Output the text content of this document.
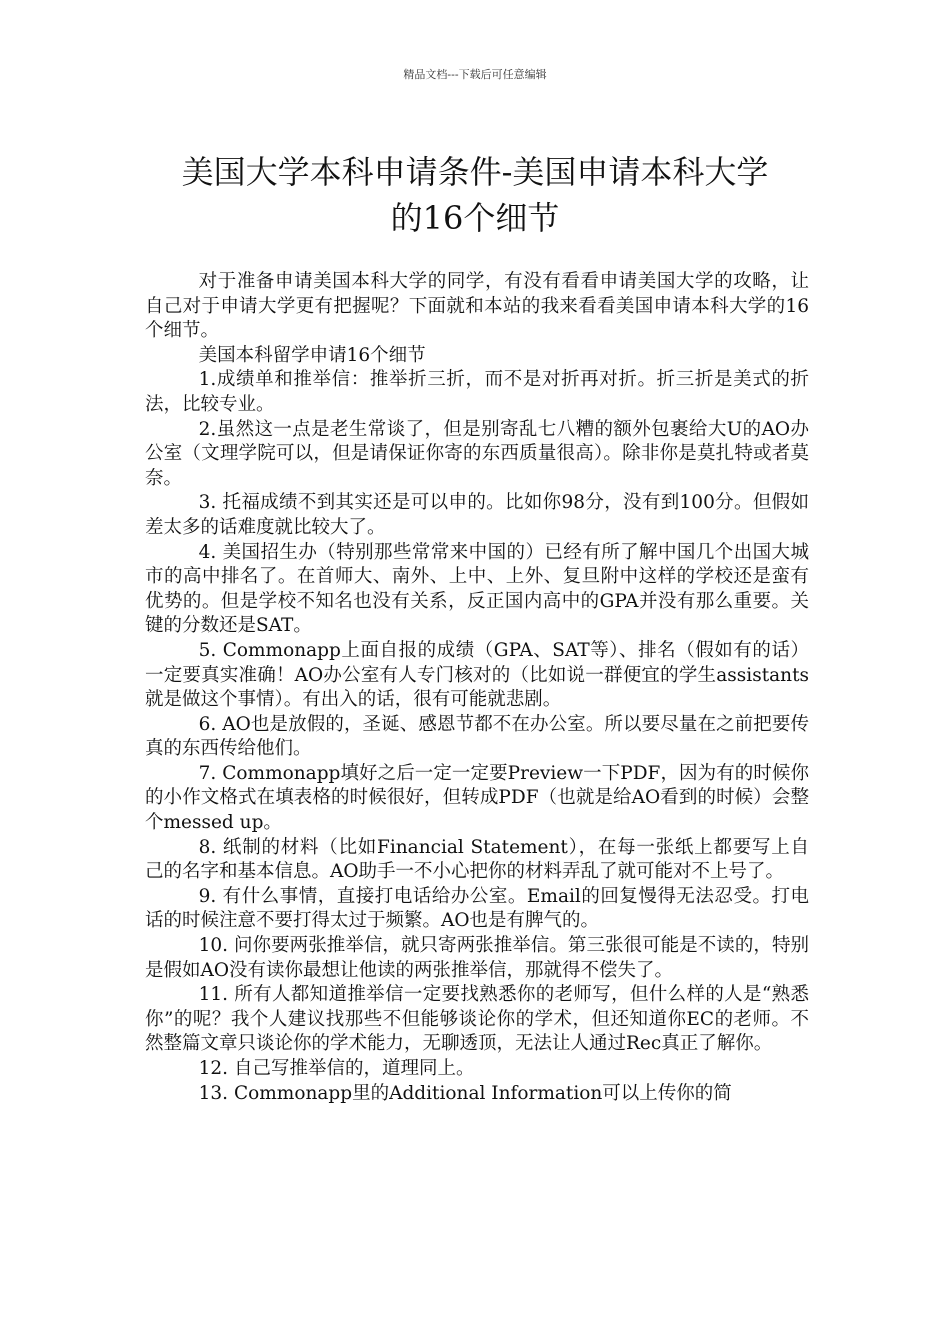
精品文档---下载后可任意编辑
美国大学本科申请条件-美国申请本科大学
的16个细节

对于准备申请美国本科大学的同学，有没有看看申请美国大学的攻略，让自己对于申请大学更有把握呢？下面就和本站的我来看看美国申请本科大学的16个细节。

美国本科留学申请16个细节

1.成绩单和推举信：推举折三折，而不是对折再对折。折三折是美式的折法，比较专业。

2.虽然这一点是老生常谈了，但是别寄乱七八糟的额外包裹给大U的AO办公室（文理学院可以，但是请保证你寄的东西质量很高）。除非你是莫扎特或者莫奈。

3. 托福成绩不到其实还是可以申的。比如你98分，没有到100分。但假如差太多的话难度就比较大了。

4. 美国招生办（特别那些常常来中国的）已经有所了解中国几个出国大城市的高中排名了。在首师大、南外、上中、上外、复旦附中这样的学校还是蛮有优势的。但是学校不知名也没有关系，反正国内高中的GPA并没有那么重要。关键的分数还是SAT。

5. Commonapp上面自报的成绩（GPA、SAT等）、排名（假如有的话）一定要真实准确！AO办公室有人专门核对的（比如说一群便宜的学生assistants就是做这个事情）。有出入的话，很有可能就悲剧。

6. AO也是放假的，圣诞、感恩节都不在办公室。所以要尽量在之前把要传真的东西传给他们。

7. Commonapp填好之后一定一定要Preview一下PDF，因为有的时候你的小作文格式在填表格的时候很好，但转成PDF（也就是给AO看到的时候）会整个messed up。

8. 纸制的材料（比如Financial Statement），在每一张纸上都要写上自己的名字和基本信息。AO助手一不小心把你的材料弄乱了就可能对不上号了。

9. 有什么事情，直接打电话给办公室。Email的回复慢得无法忍受。打电话的时候注意不要打得太过于频繁。AO也是有脾气的。

10. 问你要两张推举信，就只寄两张推举信。第三张很可能是不读的，特别是假如AO没有读你最想让他读的两张推举信，那就得不偿失了。

11. 所有人都知道推举信一定要找熟悉你的老师写，但什么样的人是“熟悉你”的呢？我个人建议找那些不但能够谈论你的学术，但还知道你EC的老师。不然整篇文章只谈论你的学术能力，无聊透顶，无法让人通过Rec真正了解你。

12. 自己写推举信的，道理同上。

13. Commonapp里的Additional Information可以上传你的简
